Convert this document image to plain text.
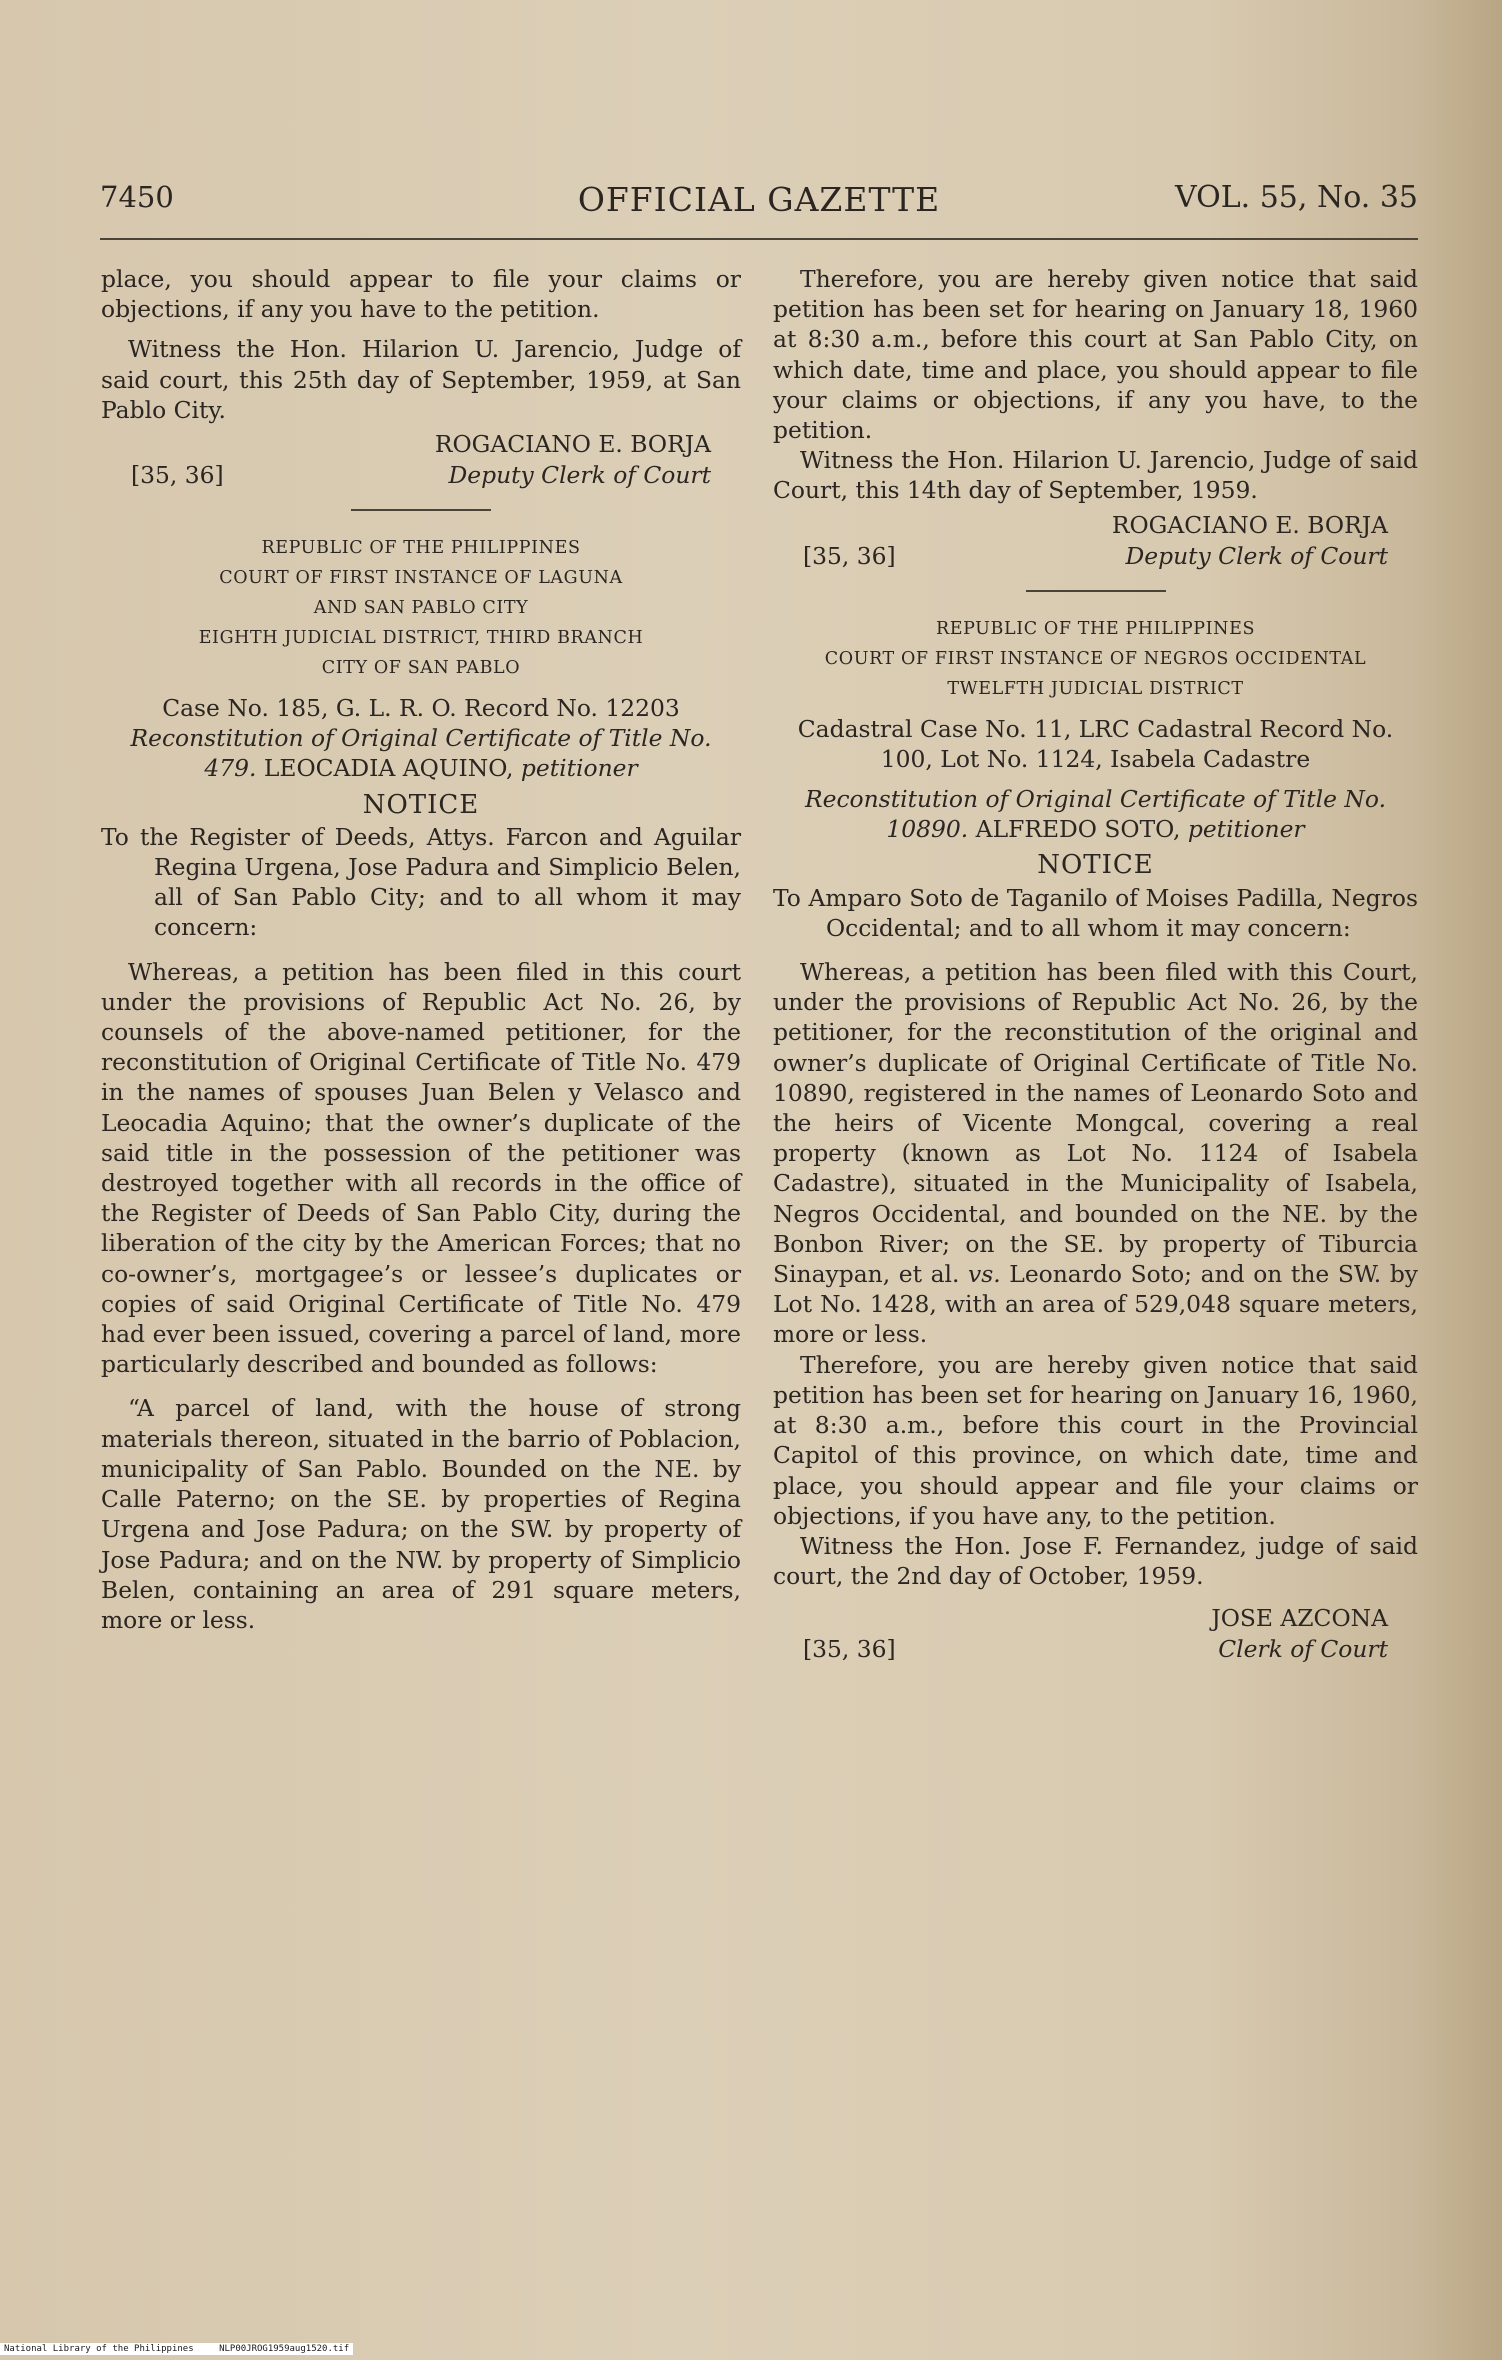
7450	OFFICIAL GAZETTE	VOL. 55, No. 35

place, you should appear to file your claims or objections, if any you have to the petition.

Witness the Hon. Hilarion U. Jarencio, Judge of said court, this 25th day of September, 1959, at San Pablo City.

ROGACIANO E. BORJA
[35, 36]	Deputy Clerk of Court
REPUBLIC OF THE PHILIPPINES
COURT OF FIRST INSTANCE OF LAGUNA
AND SAN PABLO CITY
EIGHTH JUDICIAL DISTRICT, THIRD BRANCH
CITY OF SAN PABLO

Case No. 185, G. L. R. O. Record No. 12203

Reconstitution of Original Certificate of Title No. 479. LEOCADIA AQUINO, petitioner

NOTICE

To the Register of Deeds, Attys. Farcon and Aguilar Regina Urgena, Jose Padura and Simplicio Belen, all of San Pablo City; and to all whom it may concern:

Whereas, a petition has been filed in this court under the provisions of Republic Act No. 26, by counsels of the above-named petitioner, for the reconstitution of Original Certificate of Title No. 479 in the names of spouses Juan Belen y Velasco and Leocadia Aquino; that the owner’s duplicate of the said title in the possession of the petitioner was destroyed together with all records in the office of the Register of Deeds of San Pablo City, during the liberation of the city by the American Forces; that no co-owner’s, mortgagee’s or lessee’s duplicates or copies of said Original Certificate of Title No. 479 had ever been issued, covering a parcel of land, more particularly described and bounded as follows:

“A parcel of land, with the house of strong materials thereon, situated in the barrio of Poblacion, municipality of San Pablo. Bounded on the NE. by Calle Paterno; on the SE. by properties of Regina Urgena and Jose Padura; on the SW. by property of Jose Padura; and on the NW. by property of Simplicio Belen, containing an area of 291 square meters, more or less.

Therefore, you are hereby given notice that said petition has been set for hearing on January 18, 1960 at 8:30 a.m., before this court at San Pablo City, on which date, time and place, you should appear to file your claims or objections, if any you have, to the petition.

Witness the Hon. Hilarion U. Jarencio, Judge of said Court, this 14th day of September, 1959.

ROGACIANO E. BORJA
[35, 36]	Deputy Clerk of Court
REPUBLIC OF THE PHILIPPINES
COURT OF FIRST INSTANCE OF NEGROS OCCIDENTAL
TWELFTH JUDICIAL DISTRICT

Cadastral Case No. 11, LRC Cadastral Record No. 100, Lot No. 1124, Isabela Cadastre

Reconstitution of Original Certificate of Title No. 10890. ALFREDO SOTO, petitioner

NOTICE

To Amparo Soto de Taganilo of Moises Padilla, Negros Occidental; and to all whom it may concern:

Whereas, a petition has been filed with this Court, under the provisions of Republic Act No. 26, by the petitioner, for the reconstitution of the original and owner’s duplicate of Original Certificate of Title No. 10890, registered in the names of Leonardo Soto and the heirs of Vicente Mongcal, covering a real property (known as Lot No. 1124 of Isabela Cadastre), situated in the Municipality of Isabela, Negros Occidental, and bounded on the NE. by the Bonbon River; on the SE. by property of Tiburcia Sinaypan, et al. vs. Leonardo Soto; and on the SW. by Lot No. 1428, with an area of 529,048 square meters, more or less.

Therefore, you are hereby given notice that said petition has been set for hearing on January 16, 1960, at 8:30 a.m., before this court in the Provincial Capitol of this province, on which date, time and place, you should appear and file your claims or objections, if you have any, to the petition.

Witness the Hon. Jose F. Fernandez, judge of said court, the 2nd day of October, 1959.

JOSE AZCONA
[35, 36]	Clerk of Court
National Library of the Philippines	NLP00JROG1959aug1520.tif
